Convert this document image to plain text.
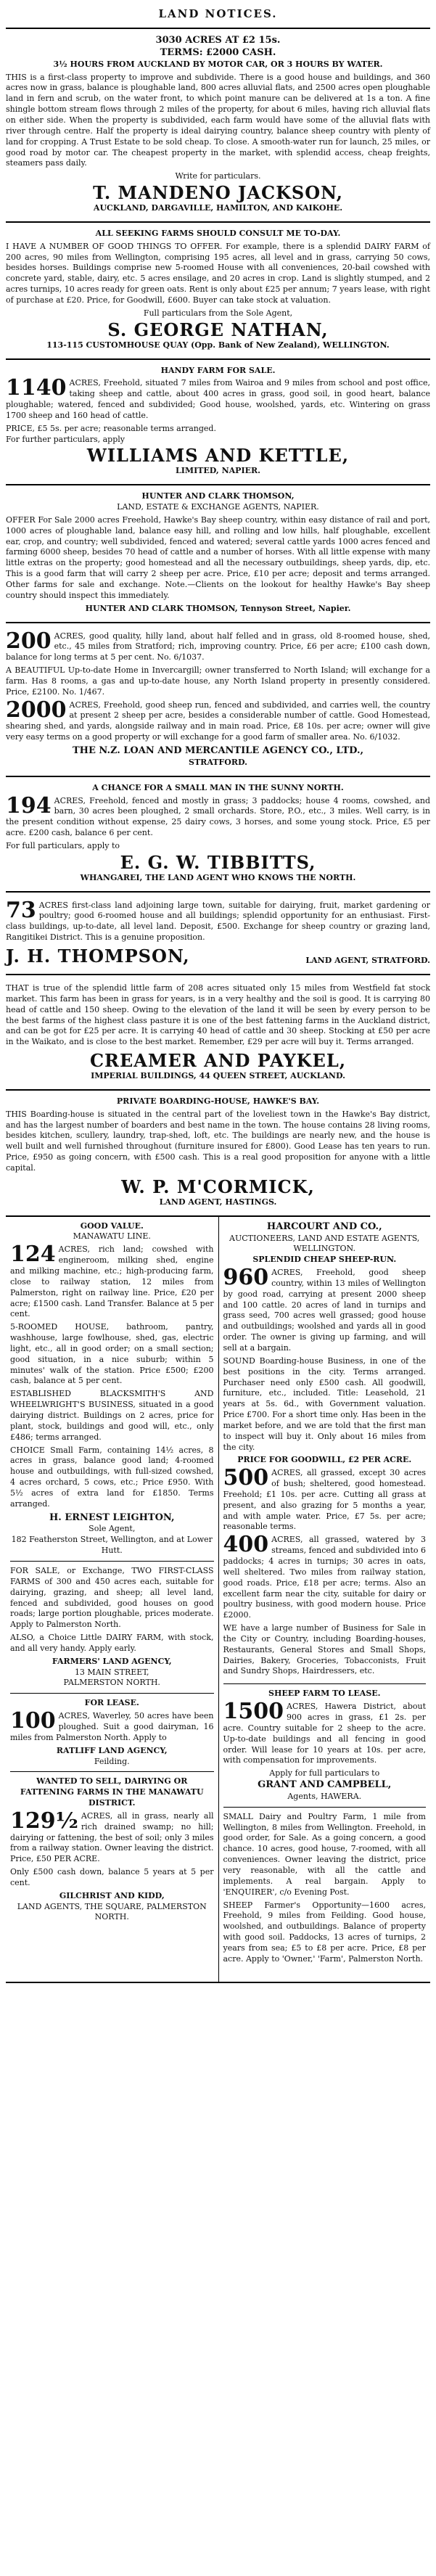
LAND NOTICES.
3030 ACRES AT £2 15s.
TERMS: £2000 CASH.
3½ HOURS FROM AUCKLAND BY MOTOR CAR, OR 3 HOURS BY WATER.

THIS is a first-class property to improve and subdivide. There is a good house and buildings, and 360 acres now in grass, balance is ploughable land, 800 acres alluvial flats, and 2500 acres open ploughable land in fern and scrub, on the water front, to which point manure can be delivered at 1s a ton. A fine shingle bottom stream flows through 2 miles of the property, for about 6 miles, having rich alluvial flats on either side. When the property is subdivided, each farm would have some of the alluvial flats with river through centre. Half the property is ideal dairying country, balance sheep country with plenty of land for cropping. A Trust Estate to be sold cheap. To close. A smooth-water run for launch, 25 miles, or good road by motor car. The cheapest property in the market, with splendid access, cheap freights, steamers pass daily.

Write for particulars.
T. MANDENO JACKSON,
AUCKLAND, DARGAVILLE, HAMILTON, AND KAIKOHE.
ALL SEEKING FARMS SHOULD CONSULT ME TO-DAY.

I HAVE A NUMBER OF GOOD THINGS TO OFFER. For example, there is a splendid DAIRY FARM of 200 acres, 90 miles from Wellington, comprising 195 acres, all level and in grass, carrying 50 cows, besides horses. Buildings comprise new 5-roomed House with all conveniences, 20-bail cowshed with concrete yard, stable, dairy, etc. 5 acres ensilage, and 20 acres in crop. Land is slightly stumped, and 2 acres turnips, 10 acres ready for green oats. Rent is only about £25 per annum; 7 years lease, with right of purchase at £20. Price, for Goodwill, £600. Buyer can take stock at valuation.

Full particulars from the Sole Agent,
S. GEORGE NATHAN,
113-115 CUSTOMHOUSE QUAY (Opp. Bank of New Zealand), WELLINGTON.
HANDY FARM FOR SALE.

1140 ACRES, Freehold, situated 7 miles from Wairoa and 9 miles from school and post office, taking sheep and cattle, about 400 acres in grass, good soil, in good heart, balance ploughable; watered, fenced and subdivided; Good house, woolshed, yards, etc. Wintering on grass 1700 sheep and 160 head of cattle.

PRICE, £5 5s. per acre; reasonable terms arranged.
For further particulars, apply
WILLIAMS AND KETTLE,
LIMITED, NAPIER.
HUNTER AND CLARK THOMSON,
LAND, ESTATE & EXCHANGE AGENTS, NAPIER.

OFFER For Sale 2000 acres Freehold, Hawke's Bay sheep country, within easy distance of rail and port, 1000 acres of ploughable land, balance easy hill, and rolling and low hills, half ploughable, excellent ear, crop, and country; well subdivided, fenced and watered; several cattle yards 1000 acres fenced and farming 6000 sheep, besides 70 head of cattle and a number of horses. With all little expense with many little extras on the property; good homestead and all the necessary outbuildings, sheep yards, dip, etc. This is a good farm that will carry 2 sheep per acre. Price, £10 per acre; deposit and terms arranged. Other farms for sale and exchange. Note.—Clients on the lookout for healthy Hawke's Bay sheep country should inspect this immediately.

HUNTER AND CLARK THOMSON, Tennyson Street, Napier.

200 ACRES, good quality, hilly land, about half felled and in grass, old 8-roomed house, shed, etc., 45 miles from Stratford; rich, improving country. Price, £6 per acre; £100 cash down, balance for long terms at 5 per cent. No. 6/1037.

A BEAUTIFUL Up-to-date Home in Invercargill; owner transferred to North Island; will exchange for a farm. Has 8 rooms, a gas and up-to-date house, any North Island property in presently considered. Price, £2100. No. 1/467.

2000 ACRES, Freehold, good sheep run, fenced and subdivided, and carries well, the country at present 2 sheep per acre, besides a considerable number of cattle. Good Homestead, shearing shed, and yards, alongside railway and in main road. Price, £8 10s. per acre; owner will give very easy terms on a good property or will exchange for a good farm of smaller area. No. 6/1032.

THE N.Z. LOAN AND MERCANTILE AGENCY CO., LTD.,
STRATFORD.
A CHANCE FOR A SMALL MAN IN THE SUNNY NORTH.

194 ACRES, Freehold, fenced and mostly in grass; 3 paddocks; house 4 rooms, cowshed, and barn, 30 acres been ploughed, 2 small orchards. Store, P.O., etc., 3 miles. Well carry, is in the present condition without expense, 25 dairy cows, 3 horses, and some young stock. Price, £5 per acre. £200 cash, balance 6 per cent.

For full particulars, apply to
E. G. W. TIBBITTS,
WHANGAREI, THE LAND AGENT WHO KNOWS THE NORTH.

73 ACRES first-class land adjoining large town, suitable for dairying, fruit, market gardening or poultry; good 6-roomed house and all buildings; splendid opportunity for an enthusiast. First-class buildings, up-to-date, all level land. Deposit, £500. Exchange for sheep country or grazing land, Rangitikei District. This is a genuine proposition.

J. H. THOMPSON,	LAND AGENT, STRATFORD.

THAT is true of the splendid little farm of 208 acres situated only 15 miles from Westfield fat stock market. This farm has been in grass for years, is in a very healthy and the soil is good. It is carrying 80 head of cattle and 150 sheep. Owing to the elevation of the land it will be seen by every person to be the best farms of the highest class pasture it is one of the best fattening farms in the Auckland district, and can be got for £25 per acre. It is carrying 40 head of cattle and 30 sheep. Stocking at £50 per acre in the Waikato, and is close to the best market. Remember, £29 per acre will buy it. Terms arranged.

CREAMER AND PAYKEL,
IMPERIAL BUILDINGS, 44 QUEEN STREET, AUCKLAND.
PRIVATE BOARDING-HOUSE, HAWKE'S BAY.

THIS Boarding-house is situated in the central part of the loveliest town in the Hawke's Bay district, and has the largest number of boarders and best name in the town. The house contains 28 living rooms, besides kitchen, scullery, laundry, trap-shed, loft, etc. The buildings are nearly new, and the house is well built and well furnished throughout (furniture insured for £800). Good Lease has ten years to run. Price, £950 as going concern, with £500 cash. This is a real good proposition for anyone with a little capital.

W. P. M'CORMICK,
LAND AGENT, HASTINGS.
GOOD VALUE.
MANAWATU LINE.

124 ACRES, rich land; cowshed with engineroom, milking shed, engine and milking machine, etc.; high-producing farm, close to railway station, 12 miles from Palmerston, right on railway line. Price, £20 per acre; £1500 cash. Land Transfer. Balance at 5 per cent.

5-ROOMED HOUSE, bathroom, pantry, washhouse, large fowlhouse, shed, gas, electric light, etc., all in good order; on a small section; good situation, in a nice suburb; within 5 minutes' walk of the station. Price £500; £200 cash, balance at 5 per cent.

ESTABLISHED BLACKSMITH'S AND WHEELWRIGHT'S BUSINESS, situated in a good dairying district. Buildings on 2 acres, price for plant, stock, buildings and good will, etc., only £486; terms arranged.

CHOICE Small Farm, containing 14½ acres, 8 acres in grass, balance good land; 4-roomed house and outbuildings, with full-sized cowshed, 4 acres orchard, 5 cows, etc.; Price £950. With 5½ acres of extra land for £1850. Terms arranged.

H. ERNEST LEIGHTON,
Sole Agent,
182 Featherston Street, Wellington, and at Lower Hutt.

FOR SALE, or Exchange, TWO FIRST-CLASS FARMS of 300 and 450 acres each, suitable for dairying, grazing, and sheep; all level land, fenced and subdivided, good houses on good roads; large portion ploughable, prices moderate. Apply to Palmerston North.

ALSO, a Choice Little DAIRY FARM, with stock, and all very handy. Apply early.

FARMERS' LAND AGENCY,
13 MAIN STREET,
PALMERSTON NORTH.
FOR LEASE.

100 ACRES, Waverley, 50 acres have been ploughed. Suit a good dairyman, 16 miles from Palmerston North. Apply to

RATLIFF LAND AGENCY,
Feilding.
WANTED TO SELL, DAIRYING OR FATTENING FARMS IN THE MANAWATU DISTRICT.

129½ ACRES, all in grass, nearly all rich drained swamp; no hill; dairying or fattening, the best of soil; only 3 miles from a railway station. Owner leaving the district. Price, £50 PER ACRE.

Only £500 cash down, balance 5 years at 5 per cent.

GILCHRIST AND KIDD,
LAND AGENTS, THE SQUARE, PALMERSTON NORTH.
HARCOURT AND CO.,
AUCTIONEERS, LAND AND ESTATE AGENTS, WELLINGTON.
SPLENDID CHEAP SHEEP-RUN.

960 ACRES, Freehold, good sheep country, within 13 miles of Wellington by good road, carrying at present 2000 sheep and 100 cattle. 20 acres of land in turnips and grass seed, 700 acres well grassed; good house and outbuildings; woolshed and yards all in good order. The owner is giving up farming, and will sell at a bargain.

SOUND Boarding-house Business, in one of the best positions in the city. Terms arranged. Purchaser need only £500 cash. All goodwill, furniture, etc., included. Title: Leasehold, 21 years at 5s. 6d., with Government valuation. Price £700. For a short time only. Has been in the market before, and we are told that the first man to inspect will buy it. Only about 16 miles from the city.

PRICE FOR GOODWILL, £2 PER ACRE.

500 ACRES, all grassed, except 30 acres of bush; sheltered, good homestead. Freehold; £1 10s. per acre. Cutting all grass at present, and also grazing for 5 months a year, and with ample water. Price, £7 5s. per acre; reasonable terms.

400 ACRES, all grassed, watered by 3 streams, fenced and subdivided into 6 paddocks; 4 acres in turnips; 30 acres in oats, well sheltered. Two miles from railway station, good roads. Price, £18 per acre; terms. Also an excellent farm near the city, suitable for dairy or poultry business, with good modern house. Price £2000.

WE have a large number of Business for Sale in the City or Country, including Boarding-houses, Restaurants, General Stores and Small Shops, Dairies, Bakery, Groceries, Tobacconists, Fruit and Sundry Shops, Hairdressers, etc.

SHEEP FARM TO LEASE.

1500 ACRES, Hawera District, about 900 acres in grass, £1 2s. per acre. Country suitable for 2 sheep to the acre. Up-to-date buildings and all fencing in good order. Will lease for 10 years at 10s. per acre, with compensation for improvements.

Apply for full particulars to
GRANT AND CAMPBELL,
Agents, HAWERA.

SMALL Dairy and Poultry Farm, 1 mile from Wellington, 8 miles from Wellington. Freehold, in good order, for Sale. As a going concern, a good chance. 10 acres, good house, 7-roomed, with all conveniences. Owner leaving the district, price very reasonable, with all the cattle and implements. A real bargain. Apply to 'ENQUIRER', c/o Evening Post.

SHEEP Farmer's Opportunity—1600 acres, Freehold, 9 miles from Feilding. Good house, woolshed, and outbuildings. Balance of property with good soil. Paddocks, 13 acres of turnips, 2 years from sea; £5 to £8 per acre. Price, £8 per acre. Apply to 'Owner,' 'Farm', Palmerston North.
